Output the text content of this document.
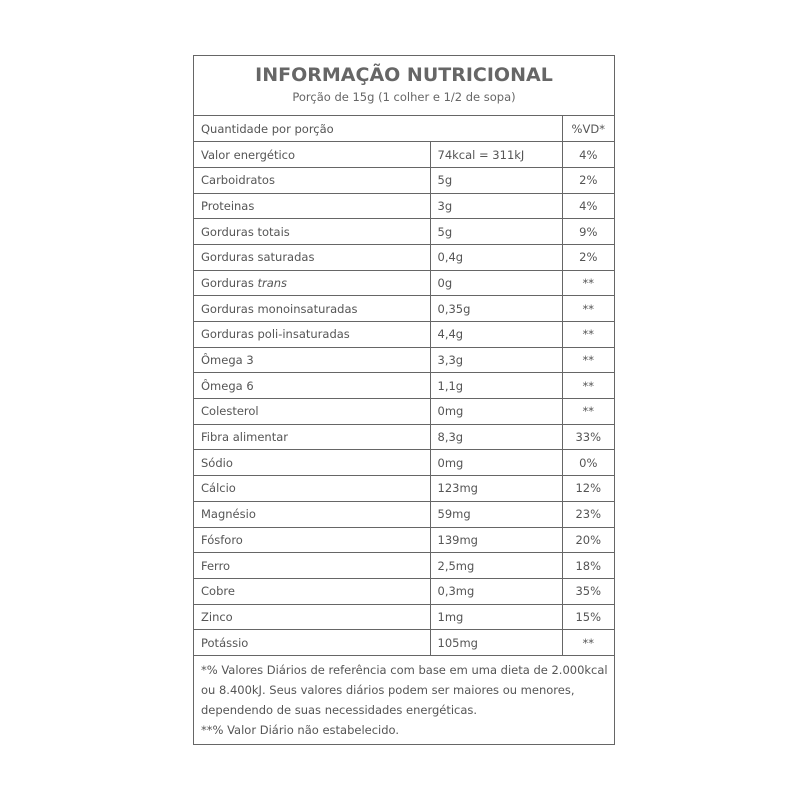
INFORMAÇÃO NUTRICIONAL
Porção de 15g (1 colher e 1/2 de sopa)
Quantidade por porção		%VD*
Valor energético	74kcal = 311kJ	4%
Carboidratos	5g	2%
Proteinas	3g	4%
Gorduras totais	5g	9%
Gorduras saturadas	0,4g	2%
Gorduras trans	0g	**
Gorduras monoinsaturadas	0,35g	**
Gorduras poli-insaturadas	4,4g	**
Ômega 3	3,3g	**
Ômega 6	1,1g	**
Colesterol	0mg	**
Fibra alimentar	8,3g	33%
Sódio	0mg	0%
Cálcio	123mg	12%
Magnésio	59mg	23%
Fósforo	139mg	20%
Ferro	2,5mg	18%
Cobre	0,3mg	35%
Zinco	1mg	15%
Potássio	105mg	**

*% Valores Diários de referência com base em uma dieta de 2.000kcal ou 8.400kJ. Seus valores diários podem ser maiores ou menores, dependendo de suas necessidades energéticas.

**% Valor Diário não estabelecido.
